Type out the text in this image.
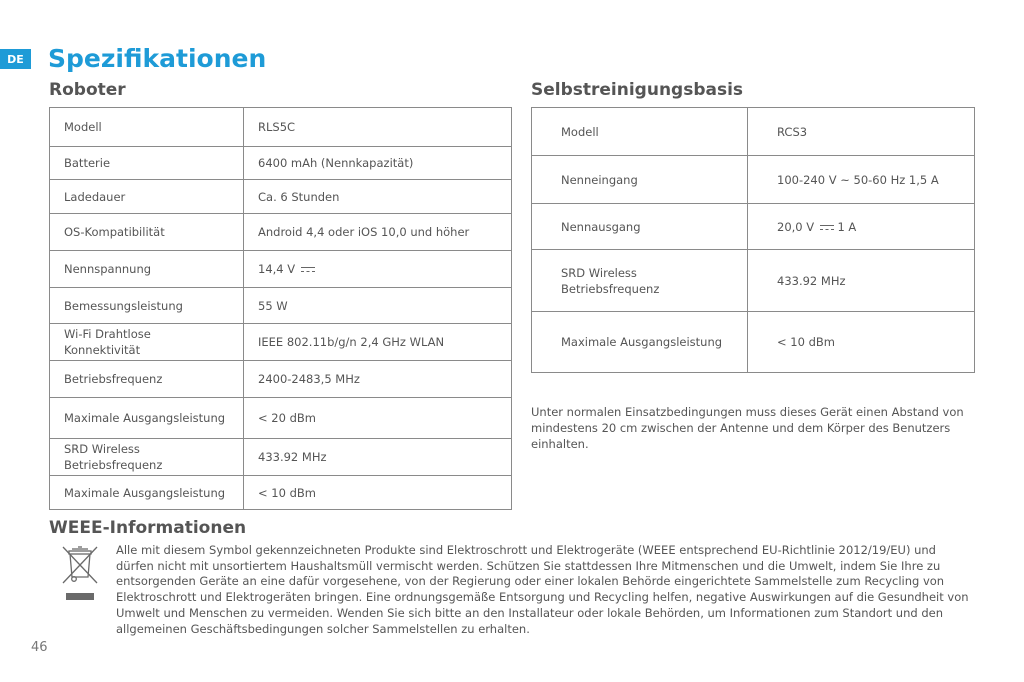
DE Spezifikationen
Roboter	Selbstreinigungsbasis
Modell	RLS5C
Batterie	6400 mAh (Nennkapazität)
Ladedauer	Ca. 6 Stunden
OS-Kompatibilität	Android 4,4 oder iOS 10,0 und höher
Nennspannung	14,4 V
Bemessungsleistung	55 W
Wi-Fi Drahtlose Konnektivität	IEEE 802.11b/g/n 2,4 GHz WLAN
Betriebsfrequenz	2400-2483,5 MHz
Maximale Ausgangsleistung	< 20 dBm
SRD Wireless Betriebsfrequenz	433.92 MHz
Maximale Ausgangsleistung	< 10 dBm
Modell	RCS3
Nenneingang	100-240 V ~ 50-60 Hz 1,5 A
Nennausgang	20,0 V  1 A
SRD Wireless Betriebsfrequenz	433.92 MHz
Maximale Ausgangsleistung	< 10 dBm

Unter normalen Einsatzbedingungen muss dieses Gerät einen Abstand von mindestens 20 cm zwischen der Antenne und dem Körper des Benutzers einhalten.

WEEE-Informationen

Alle mit diesem Symbol gekennzeichneten Produkte sind Elektroschrott und Elektrogeräte (WEEE entsprechend EU-Richtlinie 2012/19/EU) und dürfen nicht mit unsortiertem Haushaltsmüll vermischt werden. Schützen Sie stattdessen Ihre Mitmenschen und die Umwelt, indem Sie Ihre zu entsorgenden Geräte an eine dafür vorgesehene, von der Regierung oder einer lokalen Behörde eingerichtete Sammelstelle zum Recycling von Elektroschrott und Elektrogeräten bringen. Eine ordnungsgemäße Entsorgung und Recycling helfen, negative Auswirkungen auf die Gesundheit von Umwelt und Menschen zu vermeiden. Wenden Sie sich bitte an den Installateur oder lokale Behörden, um Informationen zum Standort und den allgemeinen Geschäftsbedingungen solcher Sammelstellen zu erhalten.

46
